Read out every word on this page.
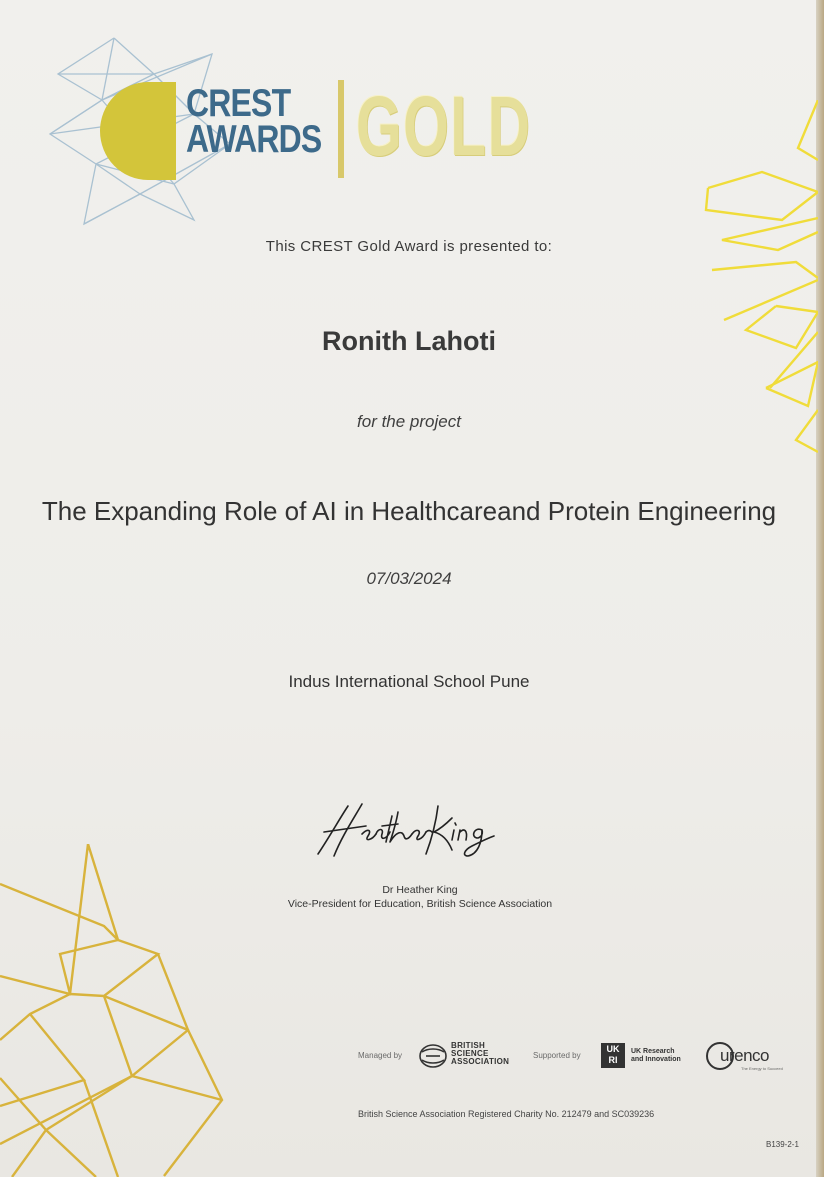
CREST
AWARDS GOLD
This CREST Gold Award is presented to:
Ronith Lahoti
for the project
The Expanding Role of AI in Healthcareand Protein Engineering
07/03/2024
Indus International School Pune
Dr Heather King
Vice-President for Education, British Science Association
Managed by
BRITISH
SCIENCE
ASSOCIATION
Supported by
UK
RI
UK Research
and Innovation urenco
The Energy to Succeed
British Science Association Registered Charity No. 212479 and SC039236
B139-2-1
